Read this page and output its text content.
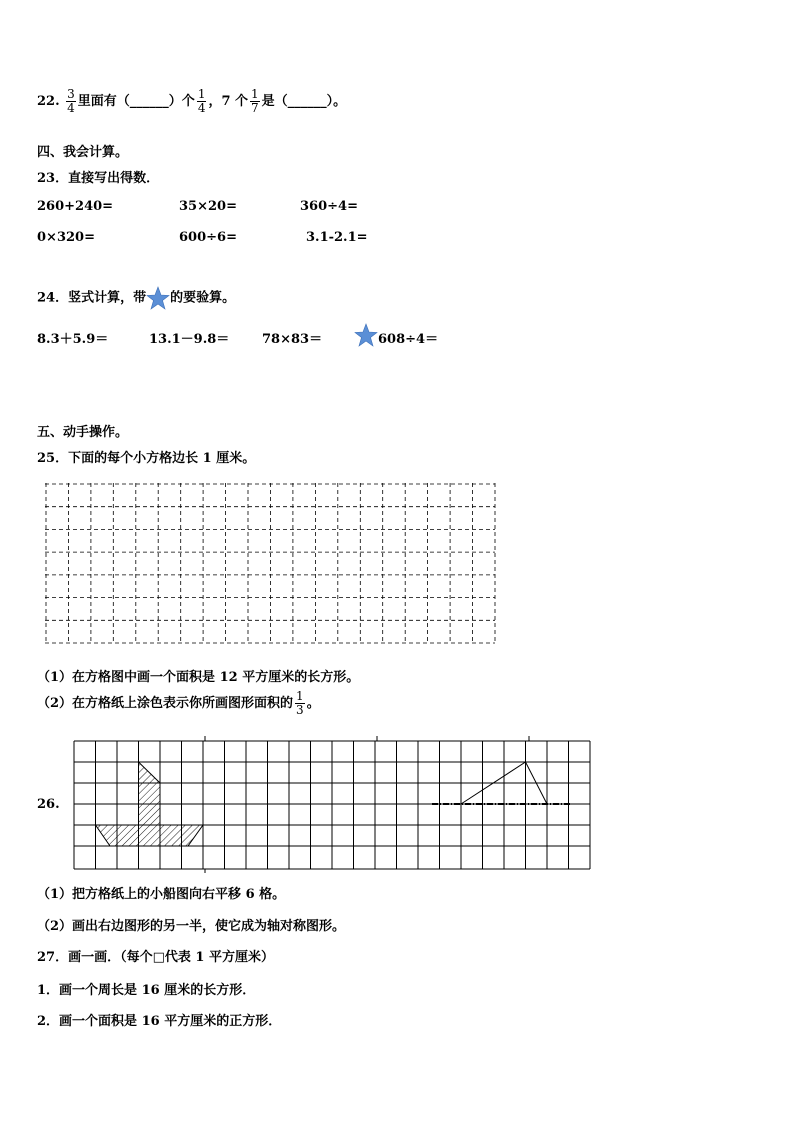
22. $\frac{3}{4}$ 里面有（______）个 $\frac{1}{4}$ ，7 个 $\frac{1}{7}$ 是（______）。
四、我会计算。
23．直接写出得数．
260+240=	35×20=	360÷4=
0×320=	600÷6=	3.1-2.1=
24．竖式计算，带 的要验算。
8.3＋5.9＝	13.1－9.8＝	78×83＝	608÷4＝
五、动手操作。
25．下面的每个小方格边长 1 厘米。
（1）在方格图中画一个面积是 12 平方厘米的长方形。
（2）在方格纸上涂色表示你所画图形面积的 $\frac{1}{3}$ 。
26.
（1）把方格纸上的小船图向右平移 6 格。
（2）画出右边图形的另一半，使它成为轴对称图形。
27．画一画．（每个□代表 1 平方厘米）
1．画一个周长是 16 厘米的长方形．
2．画一个面积是 16 平方厘米的正方形．
